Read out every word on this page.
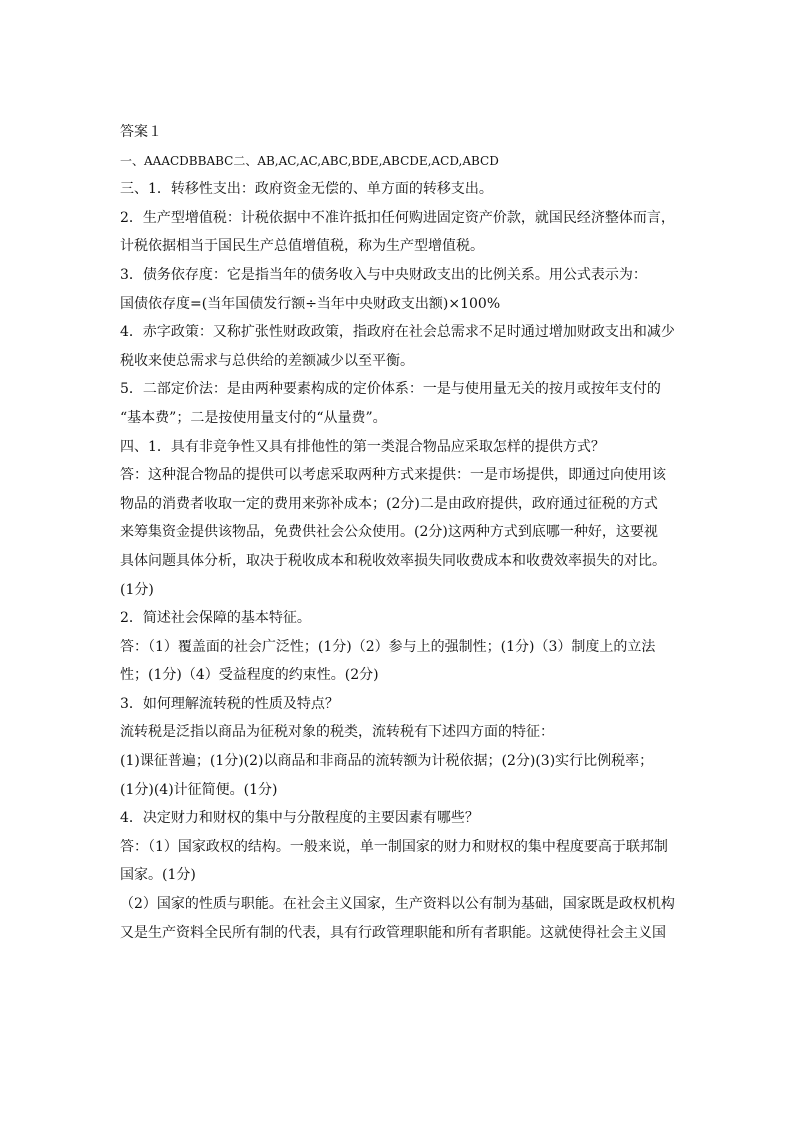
答案１
一、AAACDBBABC二、AB,AC,AC,ABC,BDE,ABCDE,ACD,ABCD
三、1．转移性支出：政府资金无偿的、单方面的转移支出。
2．生产型增值税：计税依据中不准许抵扣任何购进固定资产价款，就国民经济整体而言，
计税依据相当于国民生产总值增值税，称为生产型增值税。
3．债务依存度：它是指当年的债务收入与中央财政支出的比例关系。用公式表示为：
国债依存度=(当年国债发行额÷当年中央财政支出额)×100%
4．赤字政策：又称扩张性财政政策，指政府在社会总需求不足时通过增加财政支出和减少
税收来使总需求与总供给的差额减少以至平衡。
5．二部定价法：是由两种要素构成的定价体系：一是与使用量无关的按月或按年支付的
“基本费”；二是按使用量支付的“从量费”。
四、1．具有非竞争性又具有排他性的第一类混合物品应采取怎样的提供方式？
答：这种混合物品的提供可以考虑采取两种方式来提供：一是市场提供，即通过向使用该
物品的消费者收取一定的费用来弥补成本；(2分)二是由政府提供，政府通过征税的方式
来筹集资金提供该物品，免费供社会公众使用。(2分)这两种方式到底哪一种好，这要视
具体问题具体分析，取决于税收成本和税收效率损失同收费成本和收费效率损失的对比。
(1分)
2．简述社会保障的基本特征。
答：（1）覆盖面的社会广泛性；(1分)（2）参与上的强制性；(1分)（3）制度上的立法
性；(1分)（4）受益程度的约束性。(2分)
3．如何理解流转税的性质及特点？
流转税是泛指以商品为征税对象的税类，流转税有下述四方面的特征：
(1)课征普遍；(1分)(2)以商品和非商品的流转额为计税依据；(2分)(3)实行比例税率；
(1分)(4)计征简便。(1分)
4．决定财力和财权的集中与分散程度的主要因素有哪些？
答：（1）国家政权的结构。一般来说，单一制国家的财力和财权的集中程度要高于联邦制
国家。(1分)
（2）国家的性质与职能。在社会主义国家，生产资料以公有制为基础，国家既是政权机构
又是生产资料全民所有制的代表，具有行政管理职能和所有者职能。这就使得社会主义国
